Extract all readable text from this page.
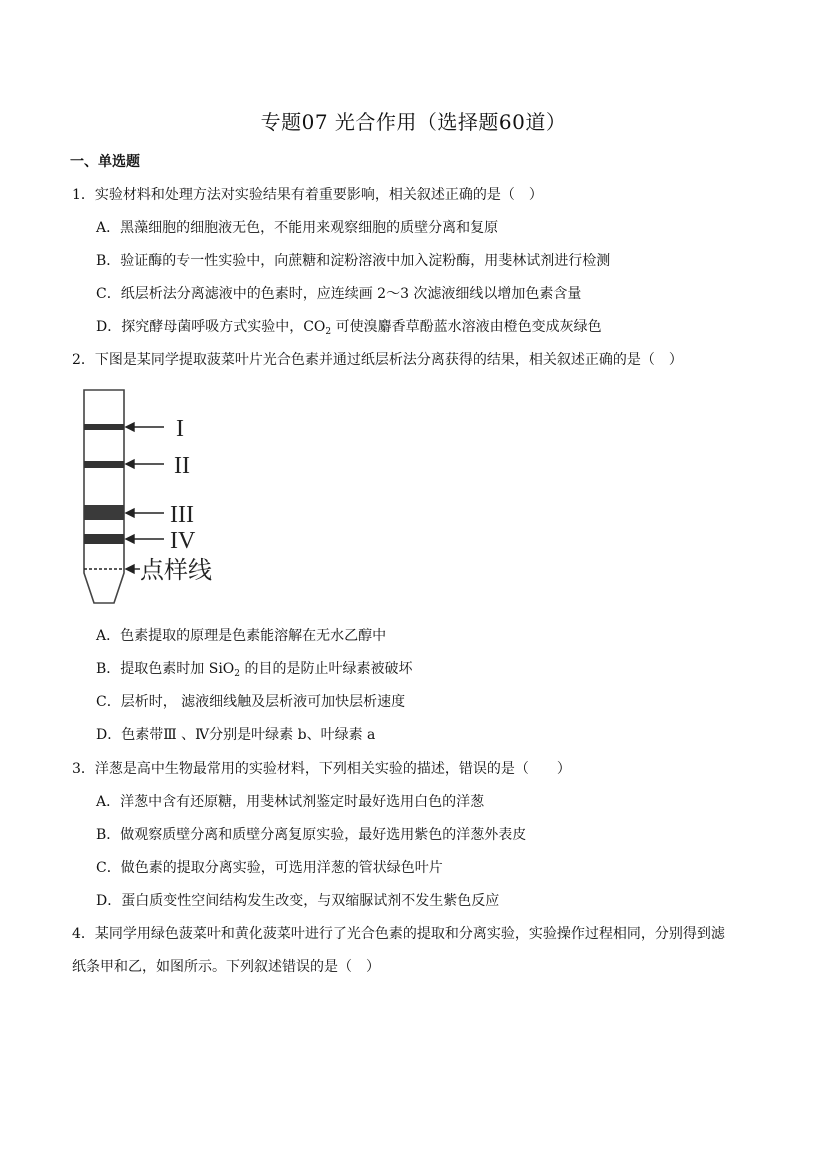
专题07 光合作用（选择题60道）
一、单选题
1．实验材料和处理方法对实验结果有着重要影响，相关叙述正确的是（　）
A．黑藻细胞的细胞液无色，不能用来观察细胞的质壁分离和复原
B．验证酶的专一性实验中，向蔗糖和淀粉溶液中加入淀粉酶，用斐林试剂进行检测
C．纸层析法分离滤液中的色素时，应连续画 2～3 次滤液细线以增加色素含量
D．探究酵母菌呼吸方式实验中，$CO_2$ 可使溴麝香草酚蓝水溶液由橙色变成灰绿色
2．下图是某同学提取菠菜叶片光合色素并通过纸层析法分离获得的结果，相关叙述正确的是（　）
I
II
III
IV
点样线
A．色素提取的原理是色素能溶解在无水乙醇中
B．提取色素时加 SiO$_2$ 的目的是防止叶绿素被破坏
C．层析时， 滤液细线触及层析液可加快层析速度
D．色素带Ⅲ 、Ⅳ分别是叶绿素 b、叶绿素 a
3．洋葱是高中生物最常用的实验材料，下列相关实验的描述，错误的是（　　）
A．洋葱中含有还原糖，用斐林试剂鉴定时最好选用白色的洋葱
B．做观察质壁分离和质壁分离复原实验，最好选用紫色的洋葱外表皮
C．做色素的提取分离实验，可选用洋葱的管状绿色叶片
D．蛋白质变性空间结构发生改变，与双缩脲试剂不发生紫色反应
4．某同学用绿色菠菜叶和黄化菠菜叶进行了光合色素的提取和分离实验，实验操作过程相同，分别得到滤
纸条甲和乙，如图所示。下列叙述错误的是（　）
